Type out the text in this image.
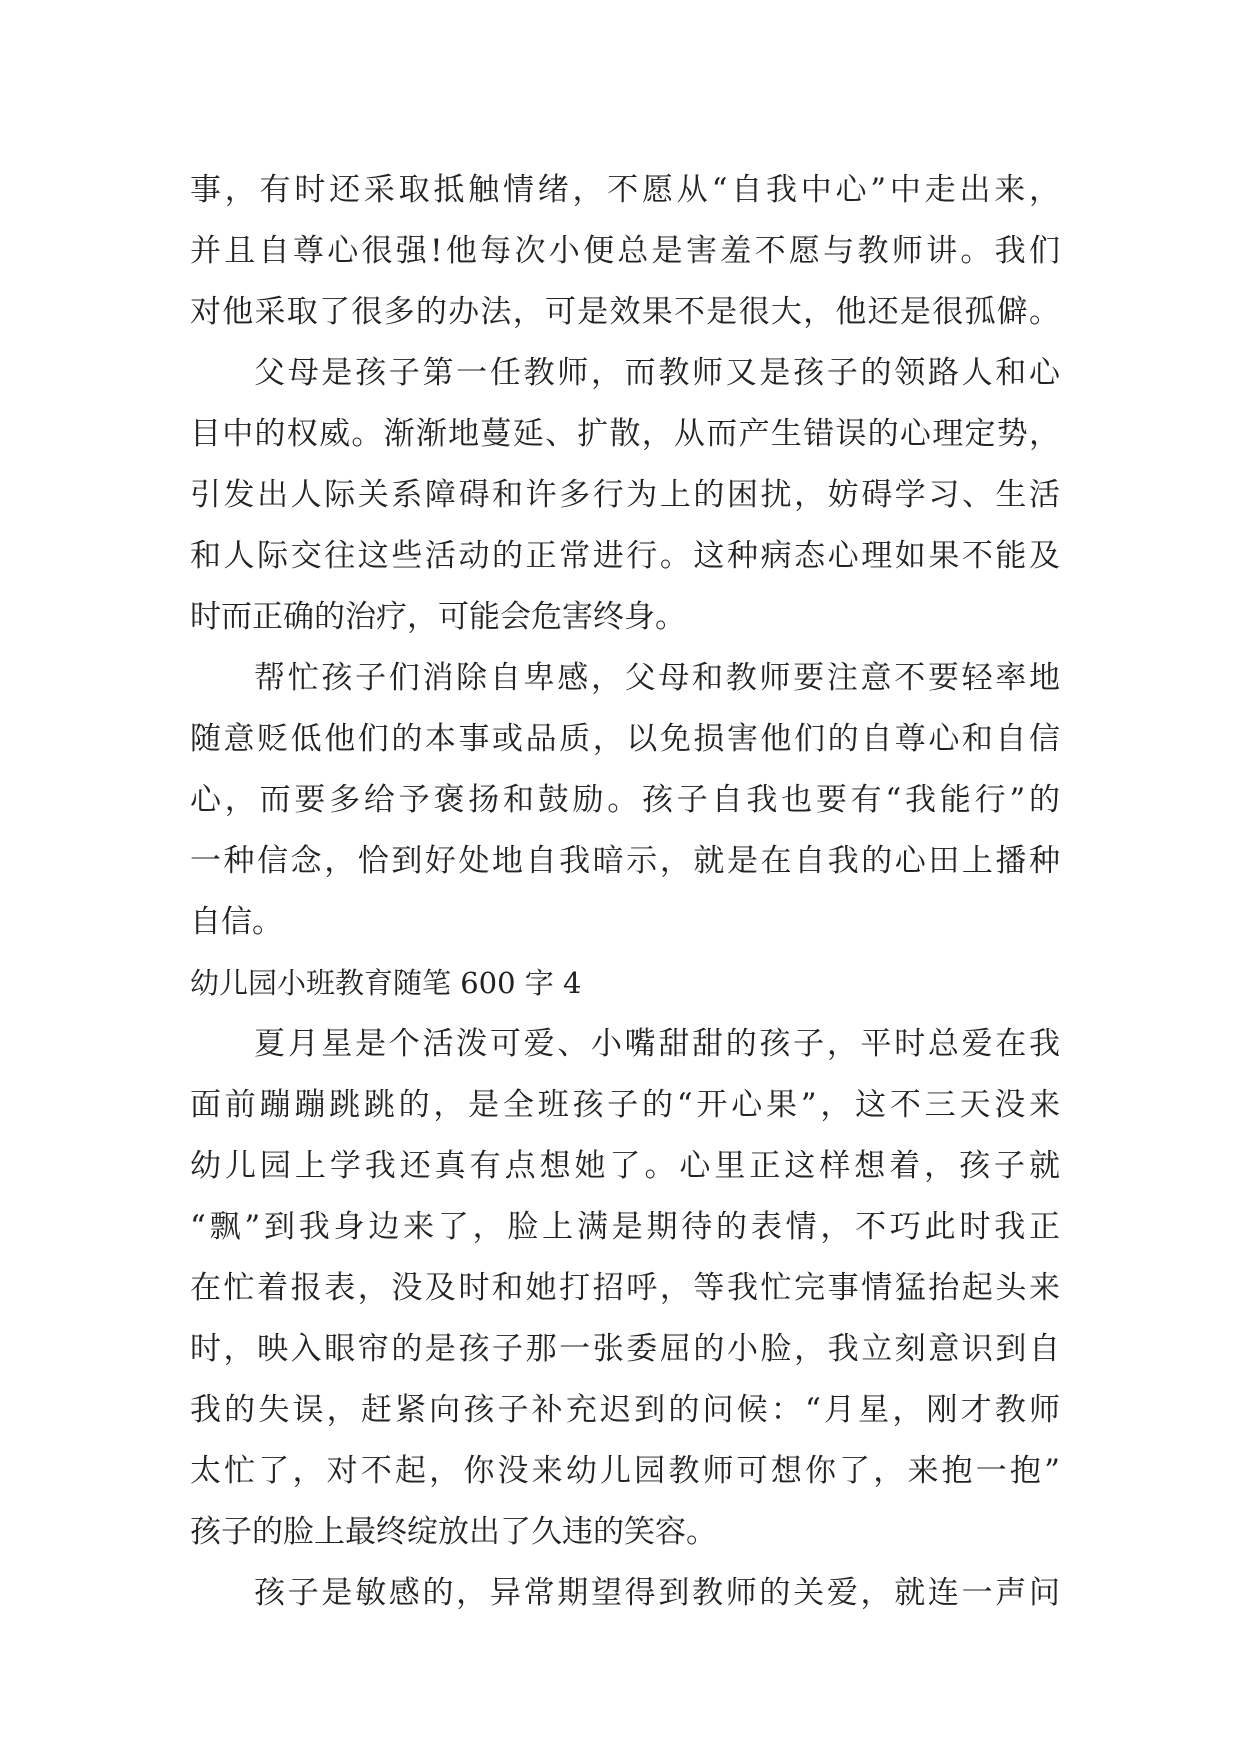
事，有时还采取抵触情绪，不愿从“自我中心”中走出来，
并且自尊心很强!他每次小便总是害羞不愿与教师讲。我们
对他采取了很多的办法，可是效果不是很大，他还是很孤僻。
父母是孩子第一任教师，而教师又是孩子的领路人和心
目中的权威。渐渐地蔓延、扩散，从而产生错误的心理定势，
引发出人际关系障碍和许多行为上的困扰，妨碍学习、生活
和人际交往这些活动的正常进行。这种病态心理如果不能及
时而正确的治疗，可能会危害终身。
帮忙孩子们消除自卑感，父母和教师要注意不要轻率地
随意贬低他们的本事或品质，以免损害他们的自尊心和自信
心，而要多给予褒扬和鼓励。孩子自我也要有“我能行”的
一种信念，恰到好处地自我暗示，就是在自我的心田上播种
自信。
幼儿园小班教育随笔 600 字 4
夏月星是个活泼可爱、小嘴甜甜的孩子，平时总爱在我
面前蹦蹦跳跳的，是全班孩子的“开心果”，这不三天没来
幼儿园上学我还真有点想她了。心里正这样想着，孩子就
“飘”到我身边来了，脸上满是期待的表情，不巧此时我正
在忙着报表，没及时和她打招呼，等我忙完事情猛抬起头来
时，映入眼帘的是孩子那一张委屈的小脸，我立刻意识到自
我的失误，赶紧向孩子补充迟到的问候：“月星，刚才教师
太忙了，对不起，你没来幼儿园教师可想你了，来抱一抱”
孩子的脸上最终绽放出了久违的笑容。
孩子是敏感的，异常期望得到教师的关爱，就连一声问
